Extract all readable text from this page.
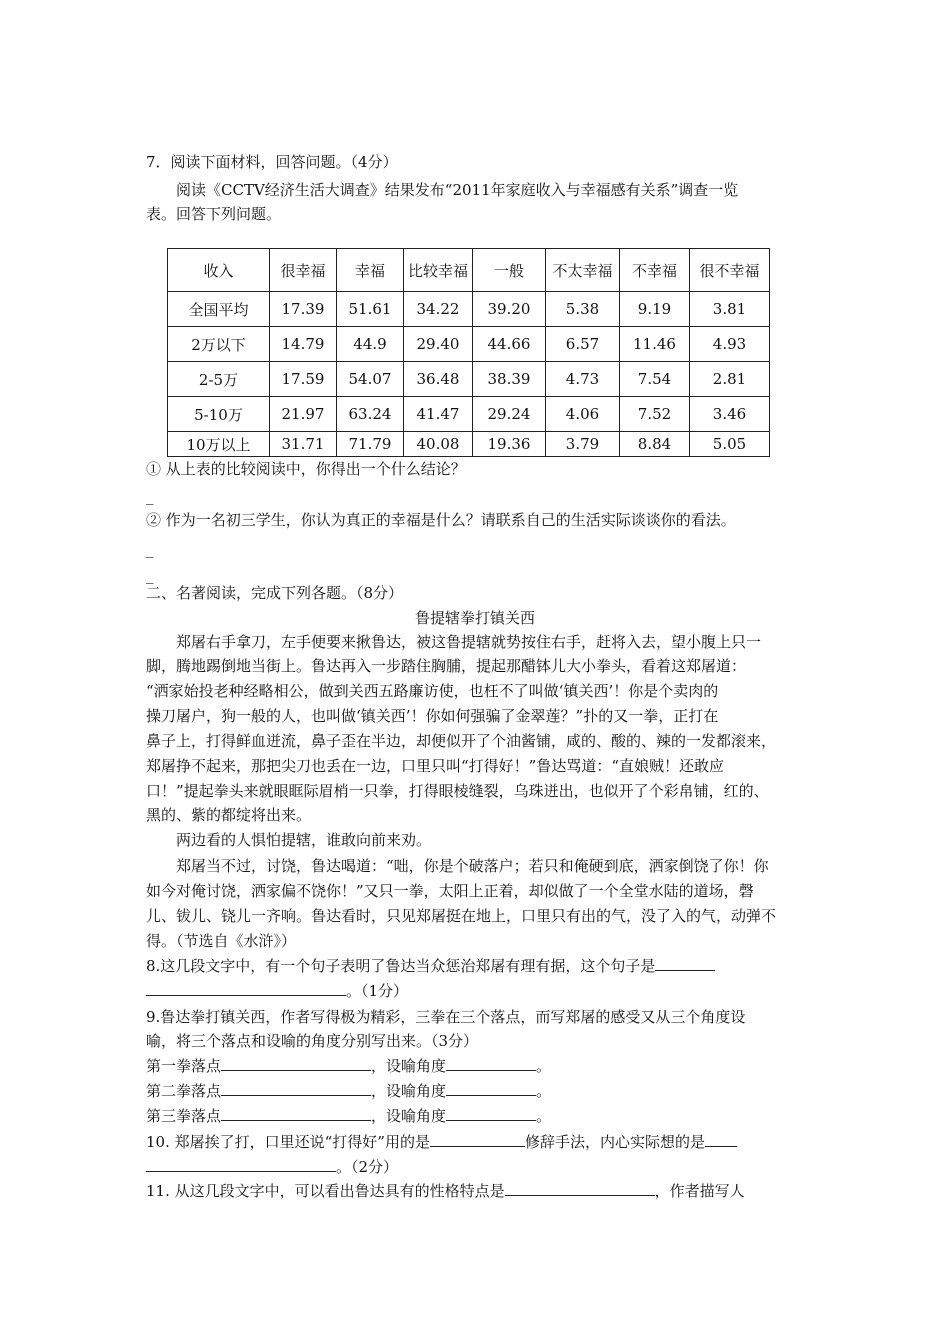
7．阅读下面材料，回答问题。（4分）
阅读《CCTV经济生活大调查》结果发布“2011年家庭收入与幸福感有关系”调查一览
表。回答下列问题。
收入	很幸福	幸福	比较幸福	一般	不太幸福	不幸福	很不幸福
全国平均	17.39	51.61	34.22	39.20	5.38	9.19	3.81
2万以下	14.79	44.9	29.40	44.66	6.57	11.46	4.93
2-5万	17.59	54.07	36.48	38.39	4.73	7.54	2.81
5-10万	21.97	63.24	41.47	29.24	4.06	7.52	3.46
10万以上	31.71	71.79	40.08	19.36	3.79	8.84	5.05
① 从上表的比较阅读中，你得出一个什么结论？
_
② 作为一名初三学生，你认为真正的幸福是什么？请联系自己的生活实际谈谈你的看法。
_
_
二、名著阅读，完成下列各题。（8分）
鲁提辖拳打镇关西
郑屠右手拿刀，左手便要来揪鲁达，被这鲁提辖就势按住右手，赶将入去，望小腹上只一
脚，腾地踢倒地当街上。鲁达再入一步踏住胸脯，提起那醋钵儿大小拳头，看着这郑屠道：
“洒家始投老种经略相公，做到关西五路廉访使，也枉不了叫做‘镇关西’！你是个卖肉的
操刀屠户，狗一般的人，也叫做‘镇关西’！你如何强骗了金翠莲？”扑的又一拳，正打在
鼻子上，打得鲜血迸流，鼻子歪在半边，却便似开了个油酱铺，咸的、酸的、辣的一发都滚来，
郑屠挣不起来，那把尖刀也丢在一边，口里只叫“打得好！”鲁达骂道：“直娘贼！还敢应
口！”提起拳头来就眼眶际眉梢一只拳，打得眼棱缝裂，乌珠迸出，也似开了个彩帛铺，红的、
黑的、紫的都绽将出来。
两边看的人惧怕提辖，谁敢向前来劝。
郑屠当不过，讨饶，鲁达喝道：“咄，你是个破落户；若只和俺硬到底，洒家倒饶了你！你
如今对俺讨饶，洒家偏不饶你！”又只一拳，太阳上正着，却似做了一个全堂水陆的道场，磬
儿、钹儿、铙儿一齐响。鲁达看时，只见郑屠挺在地上，口里只有出的气，没了入的气，动弹不
得。（节选自《水浒》）
8.这几段文字中，有一个句子表明了鲁达当众惩治郑屠有理有据，这个句子是
。（1分）
9.鲁达拳打镇关西，作者写得极为精彩，三拳在三个落点，而写郑屠的感受又从三个角度设
喻，将三个落点和设喻的角度分别写出来。（3分）
第一拳落点	，设喻角度	。
第二拳落点	，设喻角度	。
第三拳落点	，设喻角度	。
10. 郑屠挨了打，口里还说“打得好”用的是	修辞手法，内心实际想的是
。（2分）
11. 从这几段文字中，可以看出鲁达具有的性格特点是	，作者描写人
